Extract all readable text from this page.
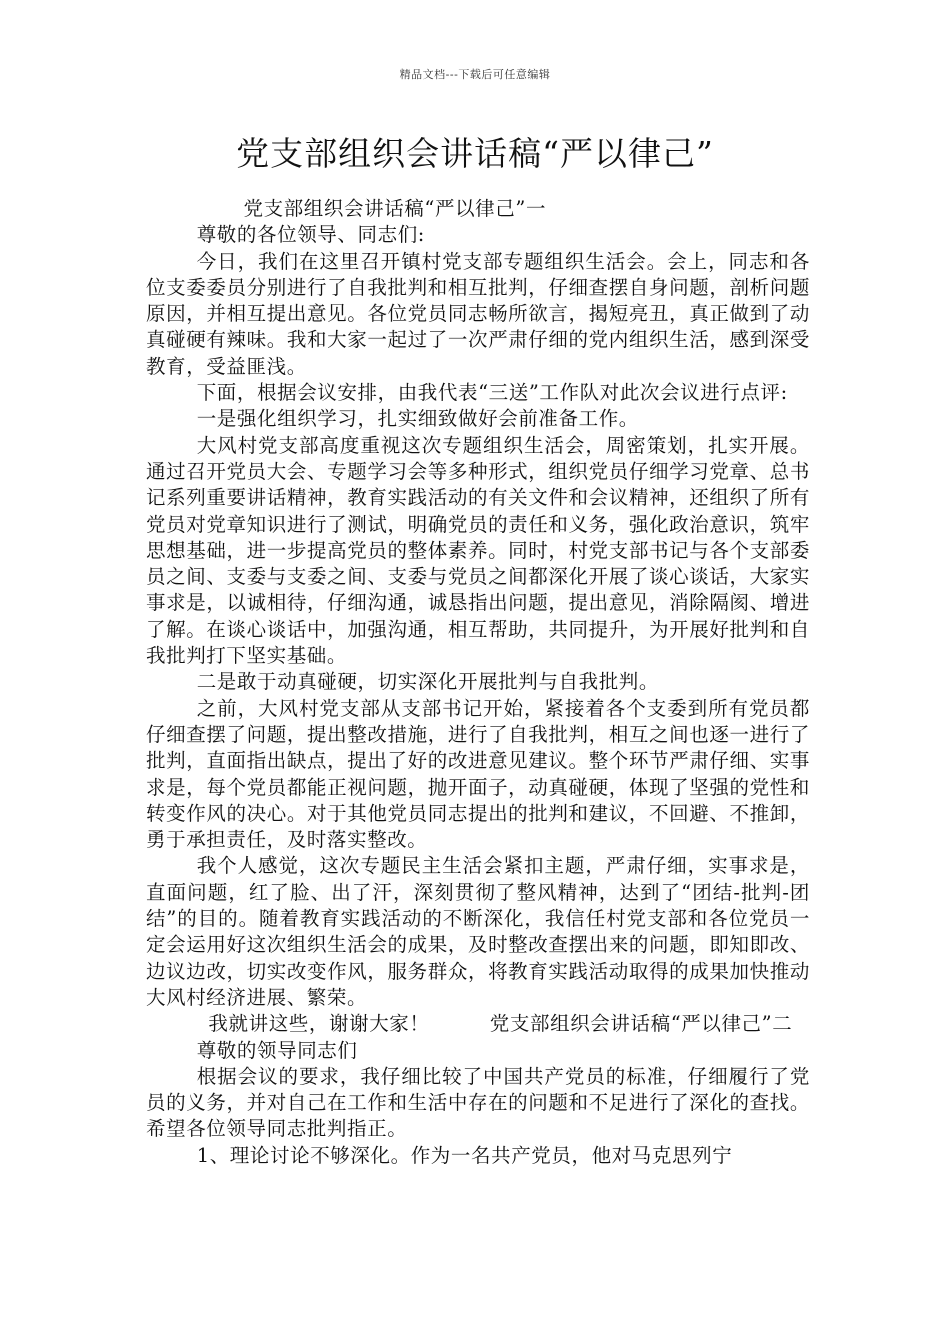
精品文档---下载后可任意编辑
党支部组织会讲话稿“严以律己”

党支部组织会讲话稿“严以律己”一

尊敬的各位领导、同志们:

今日，我们在这里召开镇村党支部专题组织生活会。会上，同志和各位支委委员分别进行了自我批判和相互批判，仔细查摆自身问题，剖析问题原因，并相互提出意见。各位党员同志畅所欲言，揭短亮丑，真正做到了动真碰硬有辣味。我和大家一起过了一次严肃仔细的党内组织生活，感到深受教育，受益匪浅。

下面，根据会议安排，由我代表“三送”工作队对此次会议进行点评:

一是强化组织学习，扎实细致做好会前准备工作。

大风村党支部高度重视这次专题组织生活会，周密策划，扎实开展。通过召开党员大会、专题学习会等多种形式，组织党员仔细学习党章、总书记系列重要讲话精神，教育实践活动的有关文件和会议精神，还组织了所有党员对党章知识进行了测试，明确党员的责任和义务，强化政治意识，筑牢思想基础，进一步提高党员的整体素养。同时，村党支部书记与各个支部委员之间、支委与支委之间、支委与党员之间都深化开展了谈心谈话，大家实事求是，以诚相待，仔细沟通，诚恳指出问题，提出意见，消除隔阂、增进了解。在谈心谈话中，加强沟通，相互帮助，共同提升，为开展好批判和自我批判打下坚实基础。

二是敢于动真碰硬，切实深化开展批判与自我批判。

之前，大风村党支部从支部书记开始，紧接着各个支委到所有党员都仔细查摆了问题，提出整改措施，进行了自我批判，相互之间也逐一进行了批判，直面指出缺点，提出了好的改进意见建议。整个环节严肃仔细、实事求是，每个党员都能正视问题，抛开面子，动真碰硬，体现了坚强的党性和转变作风的决心。对于其他党员同志提出的批判和建议，不回避、不推卸，勇于承担责任，及时落实整改。

我个人感觉，这次专题民主生活会紧扣主题，严肃仔细，实事求是，直面问题，红了脸、出了汗，深刻贯彻了整风精神，达到了“团结-批判-团结”的目的。随着教育实践活动的不断深化，我信任村党支部和各位党员一定会运用好这次组织生活会的成果，及时整改查摆出来的问题，即知即改、边议边改，切实改变作风，服务群众，将教育实践活动取得的成果加快推动大风村经济进展、繁荣。

我就讲这些，谢谢大家！　　　党支部组织会讲话稿“严以律己”二

尊敬的领导同志们

根据会议的要求，我仔细比较了中国共产党员的标准，仔细履行了党员的义务，并对自己在工作和生活中存在的问题和不足进行了深化的查找。希望各位领导同志批判指正。

1、理论讨论不够深化。作为一名共产党员，他对马克思列宁
